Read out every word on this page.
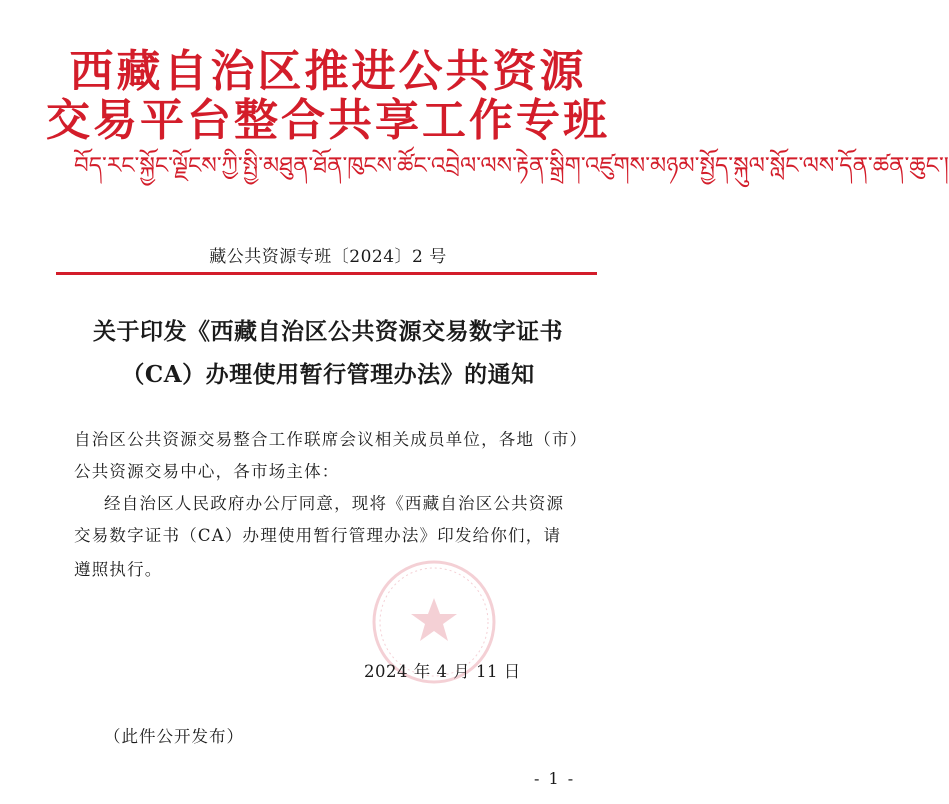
西藏自治区推进公共资源
交易平台整合共享工作专班
བོད་རང་སྐྱོང་ལྗོངས་ཀྱི་སྤྱི་མཐུན་ཐོན་ཁུངས་ཚོང་འབྲེལ་ལས་རྟེན་སྒྲིག་འཛུགས་མཉམ་སྤྱོད་སྐུལ་སློང་ལས་དོན་ཚན་ཆུང་།
藏公共资源专班〔2024〕2 号
关于印发《西藏自治区公共资源交易数字证书
（CA）办理使用暂行管理办法》的通知
自治区公共资源交易整合工作联席会议相关成员单位，各地（市）
公共资源交易中心，各市场主体：
经自治区人民政府办公厅同意，现将《西藏自治区公共资源
交易数字证书（CA）办理使用暂行管理办法》印发给你们，请
遵照执行。
2024 年 4 月 11 日
（此件公开发布）
- 1 -
